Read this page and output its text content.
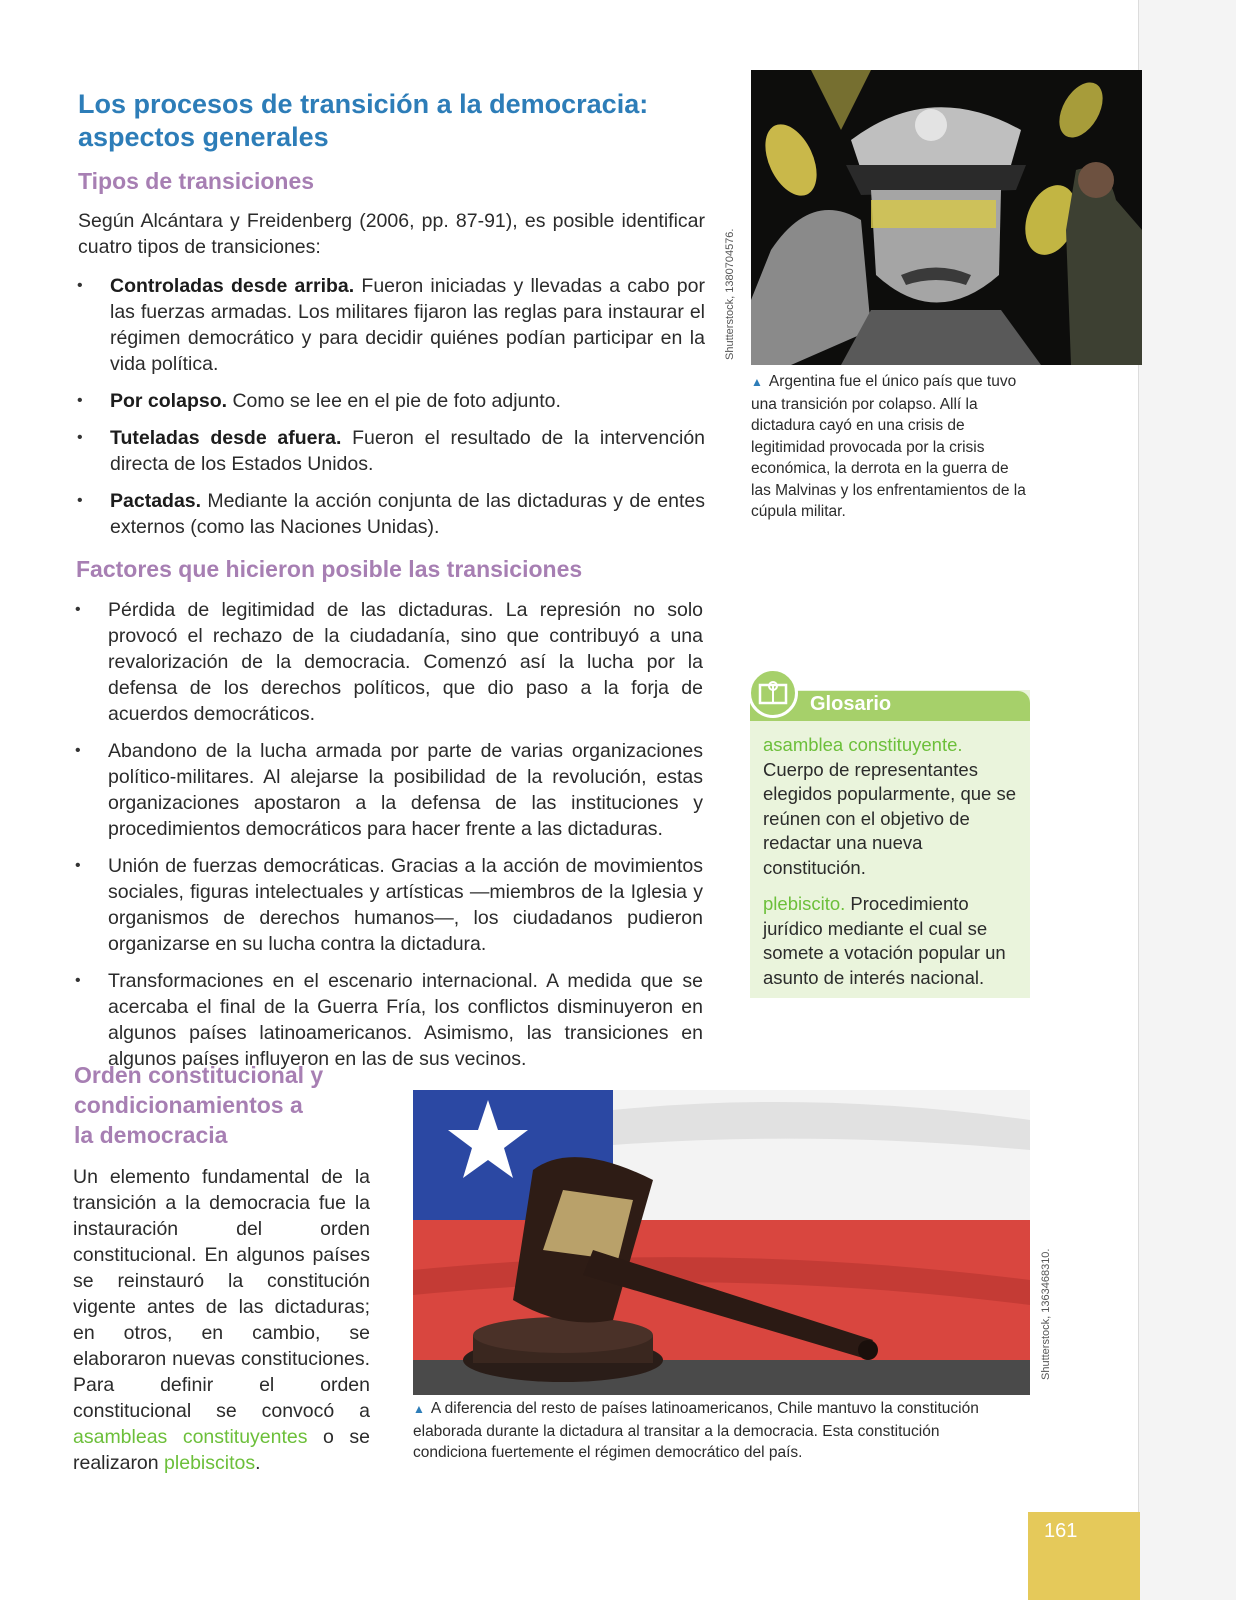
Los procesos de transición a la democracia: aspectos generales
Tipos de transiciones

Según Alcántara y Freidenberg (2006, pp. 87-91), es posible identificar cuatro tipos de transiciones:

• Controladas desde arriba. Fueron iniciadas y llevadas a cabo por las fuerzas armadas. Los militares fijaron las reglas para instaurar el régimen democrático y para decidir quiénes podían participar en la vida política.
• Por colapso. Como se lee en el pie de foto adjunto.
• Tuteladas desde afuera. Fueron el resultado de la intervención directa de los Estados Unidos.
• Pactadas. Mediante la acción conjunta de las dictaduras y de entes externos (como las Naciones Unidas).
Factores que hicieron posible las transiciones
• Pérdida de legitimidad de las dictaduras. La represión no solo provocó el rechazo de la ciudadanía, sino que contribuyó a una revalorización de la democracia. Comenzó así la lucha por la defensa de los derechos políticos, que dio paso a la forja de acuerdos democráticos.
• Abandono de la lucha armada por parte de varias organizaciones político-militares. Al alejarse la posibilidad de la revolución, estas organizaciones apostaron a la defensa de las instituciones y procedimientos democráticos para hacer frente a las dictaduras.
• Unión de fuerzas democráticas. Gracias a la acción de movimientos sociales, figuras intelectuales y artísticas —miembros de la Iglesia y organismos de derechos humanos—, los ciudadanos pudieron organizarse en su lucha contra la dictadura.
• Transformaciones en el escenario internacional. A medida que se acercaba el final de la Guerra Fría, los conflictos disminuyeron en algunos países latinoamericanos. Asimismo, las transiciones en algunos países influyeron en las de sus vecinos.
Orden constitucional y condicionamientos a la democracia

Un elemento fundamental de la transición a la democracia fue la instauración del orden constitucional. En algunos países se reinstauró la constitución vigente antes de las dictaduras; en otros, en cambio, se elaboraron nuevas constituciones. Para definir el orden constitucional se convocó a asambleas constituyentes o se realizaron plebiscitos.

Shutterstock, 1380704576.

▲ Argentina fue el único país que tuvo una transición por colapso. Allí la dictadura cayó en una crisis de legitimidad provocada por la crisis económica, la derrota en la guerra de las Malvinas y los enfrentamientos de la cúpula militar.

Glosario

asamblea constituyente. Cuerpo de representantes elegidos popularmente, que se reúnen con el objetivo de redactar una nueva constitución.

plebiscito. Procedimiento jurídico mediante el cual se somete a votación popular un asunto de interés nacional.

Shutterstock, 1363468310.

▲ A diferencia del resto de países latinoamericanos, Chile mantuvo la constitución elaborada durante la dictadura al transitar a la democracia. Esta constitución condiciona fuertemente el régimen democrático del país.

161
